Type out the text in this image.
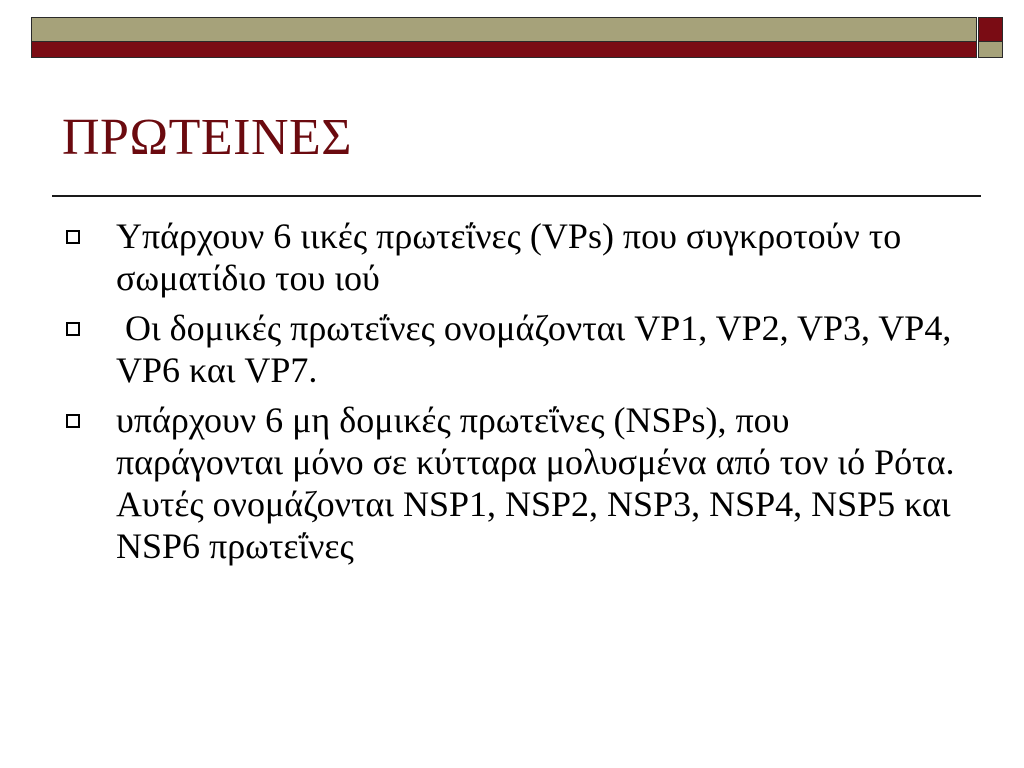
ΠΡΩΤΕΙΝΕΣ
Υπάρχουν 6 ιικές πρωτεΐνες (VPs) που συγκροτούν το σωματίδιο του ιού
Οι δομικές πρωτεΐνες ονομάζονται VP1, VP2, VP3, VP4, VP6 και VP7.
υπάρχουν 6 μη δομικές πρωτεΐνες (NSPs), που παράγονται μόνο σε κύτταρα μολυσμένα από τον ιό Ρότα. Αυτές ονομάζονται NSP1, NSP2, NSP3, NSP4, NSP5 και NSP6 πρωτεΐνες
